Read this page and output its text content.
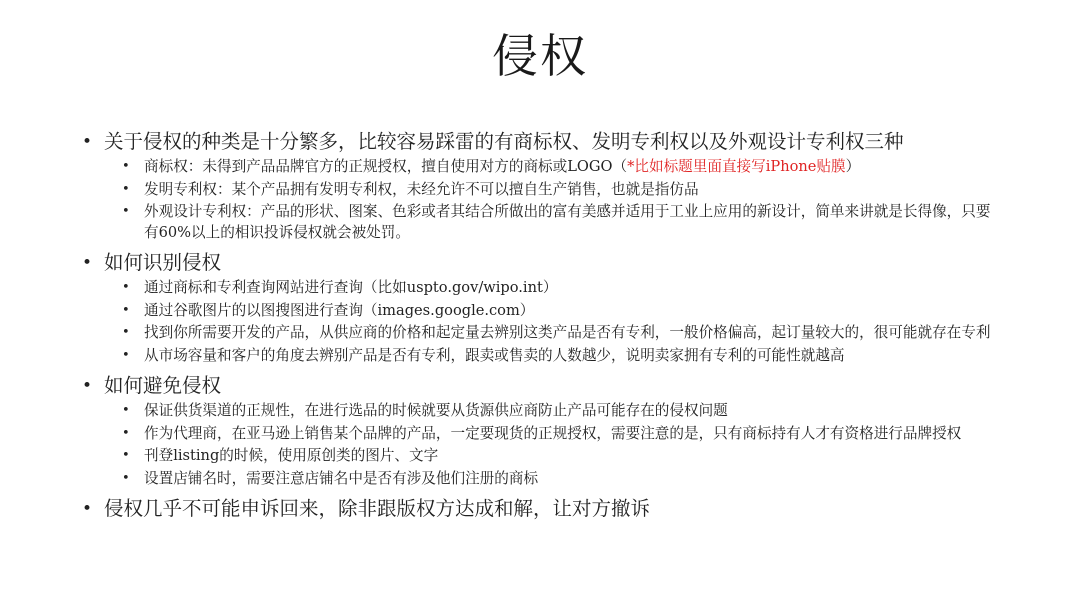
侵权
• 关于侵权的种类是十分繁多，比较容易踩雷的有商标权、发明专利权以及外观设计专利权三种
• 商标权：未得到产品品牌官方的正规授权，擅自使用对方的商标或LOGO（*比如标题里面直接写iPhone贴膜）
• 发明专利权：某个产品拥有发明专利权，未经允许不可以擅自生产销售，也就是指仿品
• 外观设计专利权：产品的形状、图案、色彩或者其结合所做出的富有美感并适用于工业上应用的新设计，简单来讲就是长得像，只要有60%以上的相识投诉侵权就会被处罚。
• 如何识别侵权
• 通过商标和专利查询网站进行查询（比如uspto.gov/wipo.int）
• 通过谷歌图片的以图搜图进行查询（images.google.com）
• 找到你所需要开发的产品，从供应商的价格和起定量去辨别这类产品是否有专利，一般价格偏高，起订量较大的，很可能就存在专利
• 从市场容量和客户的角度去辨别产品是否有专利，跟卖或售卖的人数越少，说明卖家拥有专利的可能性就越高
• 如何避免侵权
• 保证供货渠道的正规性，在进行选品的时候就要从货源供应商防止产品可能存在的侵权问题
• 作为代理商，在亚马逊上销售某个品牌的产品，一定要现货的正规授权，需要注意的是，只有商标持有人才有资格进行品牌授权
• 刊登listing的时候，使用原创类的图片、文字
• 设置店铺名时，需要注意店铺名中是否有涉及他们注册的商标
• 侵权几乎不可能申诉回来，除非跟版权方达成和解，让对方撤诉
